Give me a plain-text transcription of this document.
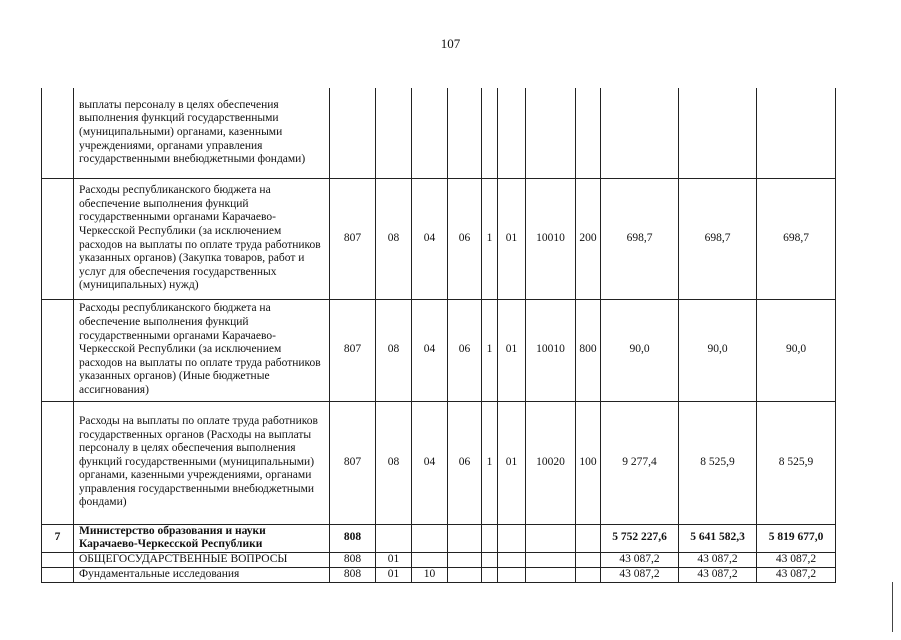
107
	выплаты персоналу в целях обеспечения выполнения функций государственными (муниципальными) органами, казенными учреждениями, органами управления государственными внебюджетными фондами)											
	Расходы республиканского бюджета на обеспечение выполнения функций государственными органами Карачаево-Черкесской Республики (за исключением расходов на выплаты по оплате труда работников указанных органов) (Закупка товаров, работ и услуг для обеспечения государственных (муниципальных) нужд)	807	08	04	06	1	01	10010	200	698,7	698,7	698,7
	Расходы республиканского бюджета на обеспечение выполнения функций государственными органами Карачаево-Черкесской Республики (за исключением расходов на выплаты по оплате труда работников указанных органов) (Иные бюджетные ассигнования)	807	08	04	06	1	01	10010	800	90,0	90,0	90,0
	Расходы на выплаты по оплате труда работников государственных органов (Расходы на выплаты персоналу в целях обеспечения выполнения функций государственными (муниципальными) органами, казенными учреждениями, органами управления государственными внебюджетными фондами)	807	08	04	06	1	01	10020	100	9 277,4	8 525,9	8 525,9
7	Министерство образования и науки Карачаево-Черкесской Республики	808								5 752 227,6	5 641 582,3	5 819 677,0
	ОБЩЕГОСУДАРСТВЕННЫЕ ВОПРОСЫ	808	01							43 087,2	43 087,2	43 087,2
	Фундаментальные исследования	808	01	10						43 087,2	43 087,2	43 087,2
